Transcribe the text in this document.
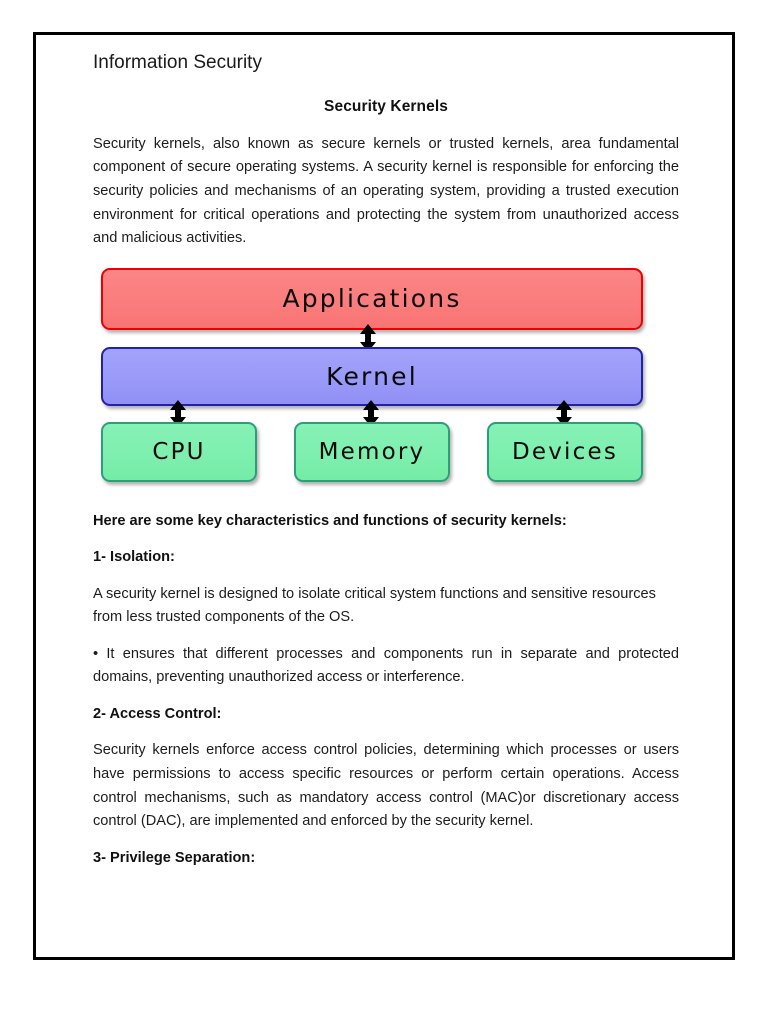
Information Security
Security Kernels

Security kernels, also known as secure kernels or trusted kernels, area fundamental component of secure operating systems. A security kernel is responsible for enforcing the security policies and mechanisms of an operating system, providing a trusted execution environment for critical operations and protecting the system from unauthorized access and malicious activities.

Applications
Kernel
CPU	Memory	Devices
Here are some key characteristics and functions of security kernels:
1- Isolation:

A security kernel is designed to isolate critical system functions and sensitive resources from less trusted components of the OS.

• It ensures that different processes and components run in separate and protected domains, preventing unauthorized access or interference.

2- Access Control:

Security kernels enforce access control policies, determining which processes or users have permissions to access specific resources or perform certain operations. Access control mechanisms, such as mandatory access control (MAC)or discretionary access control (DAC), are implemented and enforced by the security kernel.

3- Privilege Separation:
